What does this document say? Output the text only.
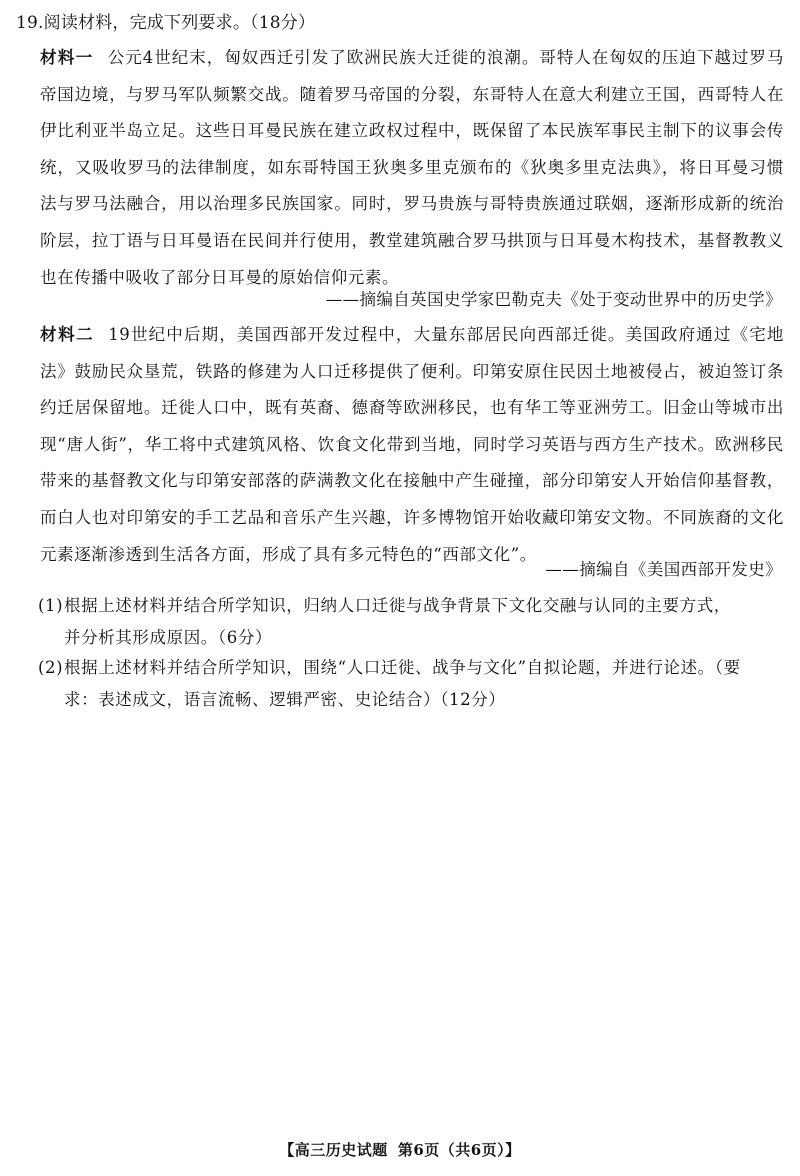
19.阅读材料，完成下列要求。（18分）
材料一 公元4世纪末，匈奴西迁引发了欧洲民族大迁徙的浪潮。哥特人在匈奴的压迫下越过罗马帝国边境，与罗马军队频繁交战。随着罗马帝国的分裂，东哥特人在意大利建立王国，西哥特人在伊比利亚半岛立足。这些日耳曼民族在建立政权过程中，既保留了本民族军事民主制下的议事会传统，又吸收罗马的法律制度，如东哥特国王狄奥多里克颁布的《狄奥多里克法典》，将日耳曼习惯法与罗马法融合，用以治理多民族国家。同时，罗马贵族与哥特贵族通过联姻，逐渐形成新的统治阶层，拉丁语与日耳曼语在民间并行使用，教堂建筑融合罗马拱顶与日耳曼木构技术，基督教教义也在传播中吸收了部分日耳曼的原始信仰元素。
——摘编自英国史学家巴勒克夫《处于变动世界中的历史学》
材料二 19世纪中后期，美国西部开发过程中，大量东部居民向西部迁徙。美国政府通过《宅地法》鼓励民众垦荒，铁路的修建为人口迁移提供了便利。印第安原住民因土地被侵占，被迫签订条约迁居保留地。迁徙人口中，既有英裔、德裔等欧洲移民，也有华工等亚洲劳工。旧金山等城市出现“唐人街”，华工将中式建筑风格、饮食文化带到当地，同时学习英语与西方生产技术。欧洲移民带来的基督教文化与印第安部落的萨满教文化在接触中产生碰撞，部分印第安人开始信仰基督教，而白人也对印第安的手工艺品和音乐产生兴趣，许多博物馆开始收藏印第安文物。不同族裔的文化元素逐渐渗透到生活各方面，形成了具有多元特色的“西部文化”。
——摘编自《美国西部开发史》
(1)根据上述材料并结合所学知识，归纳人口迁徙与战争背景下文化交融与认同的主要方式，
并分析其形成原因。（6分）
(2)根据上述材料并结合所学知识，围绕“人口迁徙、战争与文化”自拟论题，并进行论述。（要
求：表述成文，语言流畅、逻辑严密、史论结合）（12分）
【高三历史试题 第6页（共6页）】
